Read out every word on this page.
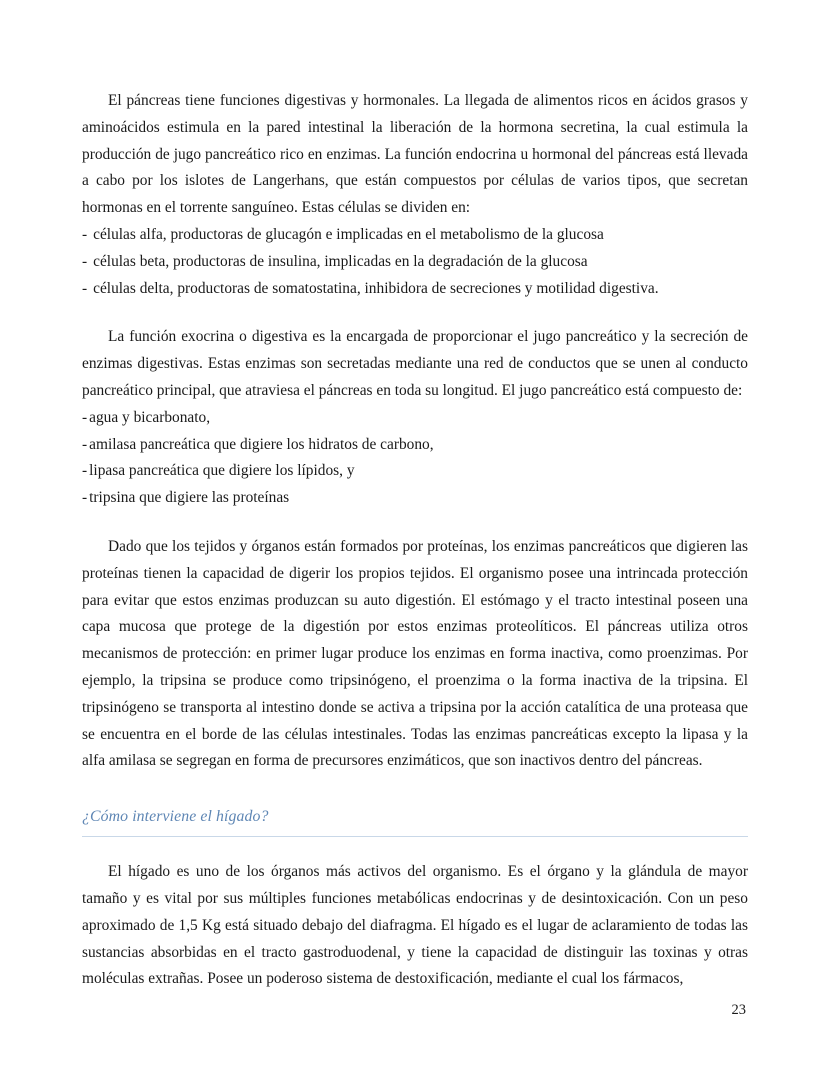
El páncreas tiene funciones digestivas y hormonales. La llegada de alimentos ricos en ácidos grasos y aminoácidos estimula en la pared intestinal la liberación de la hormona secretina, la cual estimula la producción de jugo pancreático rico en enzimas. La función endocrina u hormonal del páncreas está llevada a cabo por los islotes de Langerhans, que están compuestos por células de varios tipos, que secretan hormonas en el torrente sanguíneo. Estas células se dividen en:

- células alfa, productoras de glucagón e implicadas en el metabolismo de la glucosa
- células beta, productoras de insulina, implicadas en la degradación de la glucosa
- células delta, productoras de somatostatina, inhibidora de secreciones y motilidad digestiva.

La función exocrina o digestiva es la encargada de proporcionar el jugo pancreático y la secreción de enzimas digestivas. Estas enzimas son secretadas mediante una red de conductos que se unen al conducto pancreático principal, que atraviesa el páncreas en toda su longitud. El jugo pancreático está compuesto de:

- agua y bicarbonato,
- amilasa pancreática que digiere los hidratos de carbono,
- lipasa pancreática que digiere los lípidos, y
- tripsina que digiere las proteínas

Dado que los tejidos y órganos están formados por proteínas, los enzimas pancreáticos que digieren las proteínas tienen la capacidad de digerir los propios tejidos. El organismo posee una intrincada protección para evitar que estos enzimas produzcan su auto digestión. El estómago y el tracto intestinal poseen una capa mucosa que protege de la digestión por estos enzimas proteolíticos. El páncreas utiliza otros mecanismos de protección: en primer lugar produce los enzimas en forma inactiva, como proenzimas. Por ejemplo, la tripsina se produce como tripsinógeno, el proenzima o la forma inactiva de la tripsina. El tripsinógeno se transporta al intestino donde se activa a tripsina por la acción catalítica de una proteasa que se encuentra en el borde de las células intestinales. Todas las enzimas pancreáticas excepto la lipasa y la alfa amilasa se segregan en forma de precursores enzimáticos, que son inactivos dentro del páncreas.

¿Cómo interviene el hígado?

El hígado es uno de los órganos más activos del organismo. Es el órgano y la glándula de mayor tamaño y es vital por sus múltiples funciones metabólicas endocrinas y de desintoxicación. Con un peso aproximado de 1,5 Kg está situado debajo del diafragma. El hígado es el lugar de aclaramiento de todas las sustancias absorbidas en el tracto gastroduodenal, y tiene la capacidad de distinguir las toxinas y otras moléculas extrañas. Posee un poderoso sistema de destoxificación, mediante el cual los fármacos,

23
